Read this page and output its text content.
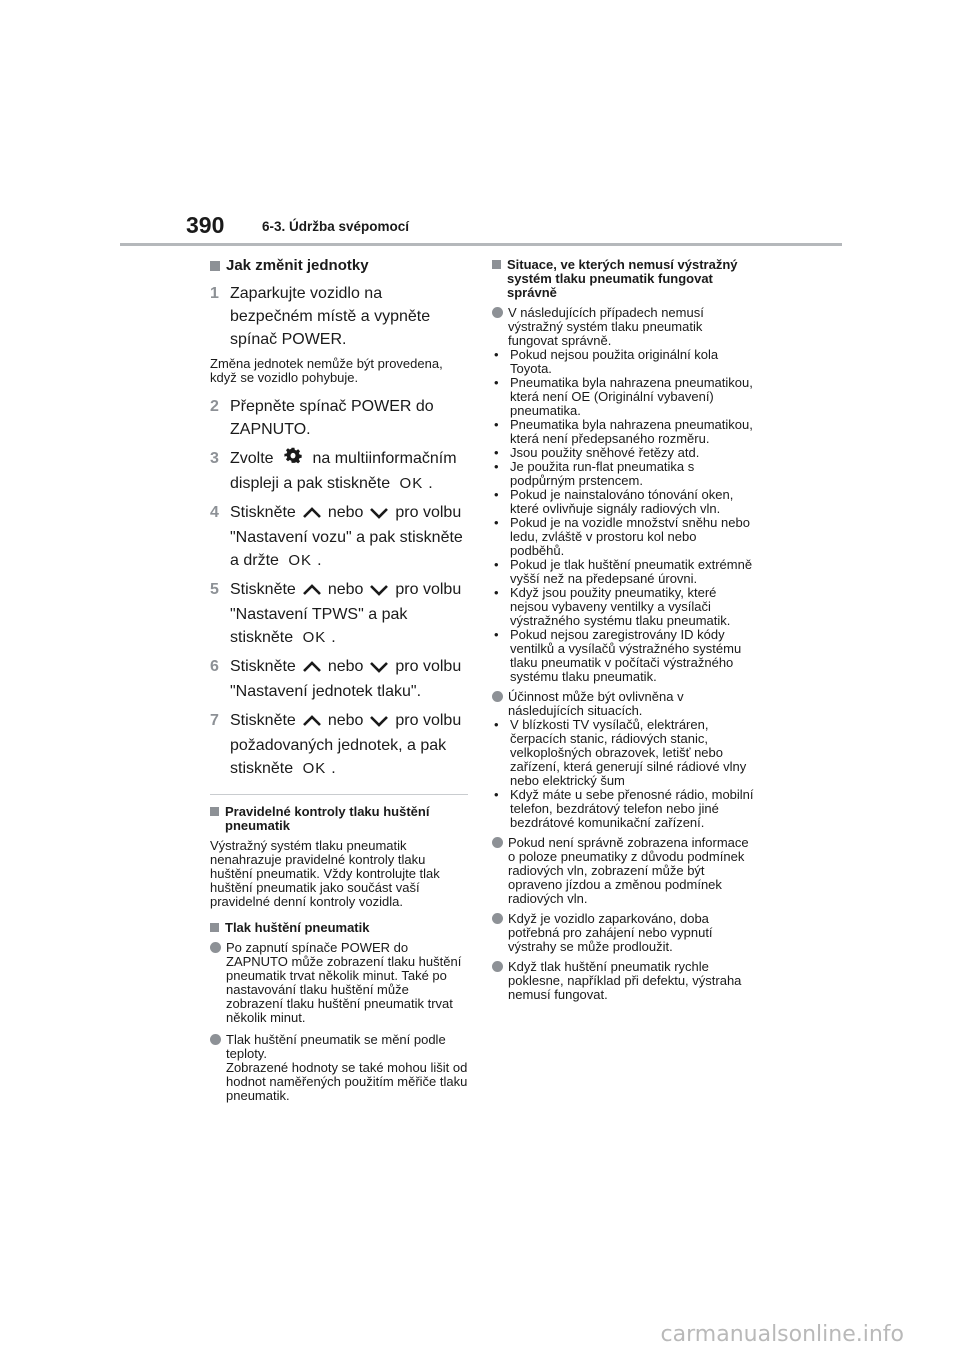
390	6-3. Údržba svépomocí
Jak změnit jednotky
1 Zaparkujte vozidlo na bezpečném místě a vypněte spínač POWER.
Změna jednotek nemůže být provedena, když se vozidlo pohybuje.
2 Přepněte spínač POWER do ZAPNUTO.
3 Zvolte na multiinformačním displeji a pak stiskněte OK .
4 Stiskněte nebo pro volbu "Nastavení vozu" a pak stiskněte a držte OK .
5 Stiskněte nebo pro volbu "Nastavení TPWS" a pak stiskněte OK .
6 Stiskněte nebo pro volbu "Nastavení jednotek tlaku".
7 Stiskněte nebo pro volbu požadovaných jednotek, a pak stiskněte OK .
Pravidelné kontroly tlaku huštění pneumatik
Výstražný systém tlaku pneumatik nenahrazuje pravidelné kontroly tlaku huštění pneumatik. Vždy kontrolujte tlak huštění pneumatik jako součást vaší pravidelné denní kontroly vozidla.
Tlak huštění pneumatik
Po zapnutí spínače POWER do ZAPNUTO může zobrazení tlaku huštění pneumatik trvat několik minut. Také po nastavování tlaku huštění může zobrazení tlaku huštění pneumatik trvat několik minut.
Tlak huštění pneumatik se mění podle teploty.
Zobrazené hodnoty se také mohou lišit od hodnot naměřených použitím měřiče tlaku pneumatik.
Situace, ve kterých nemusí výstražný systém tlaku pneumatik fungovat správně
V následujících případech nemusí výstražný systém tlaku pneumatik fungovat správně.
• Pokud nejsou použita originální kola Toyota.
• Pneumatika byla nahrazena pneumatikou, která není OE (Originální vybavení) pneumatika.
• Pneumatika byla nahrazena pneumatikou, která není předepsaného rozměru.
• Jsou použity sněhové řetězy atd.
• Je použita run-flat pneumatika s podpůrným prstencem.
• Pokud je nainstalováno tónování oken, které ovlivňuje signály radiových vln.
• Pokud je na vozidle množství sněhu nebo ledu, zvláště v prostoru kol nebo podběhů.
• Pokud je tlak huštění pneumatik extrémně vyšší než na předepsané úrovni.
• Když jsou použity pneumatiky, které nejsou vybaveny ventilky a vysílači výstražného systému tlaku pneumatik.
• Pokud nejsou zaregistrovány ID kódy ventilků a vysílačů výstražného systému tlaku pneumatik v počítači výstražného systému tlaku pneumatik.
Účinnost může být ovlivněna v následujících situacích.
• V blízkosti TV vysílačů, elektráren, čerpacích stanic, rádiových stanic, velkoplošných obrazovek, letišť nebo zařízení, která generují silné rádiové vlny nebo elektrický šum
• Když máte u sebe přenosné rádio, mobilní telefon, bezdrátový telefon nebo jiné bezdrátové komunikační zařízení.
Pokud není správně zobrazena informace o poloze pneumatiky z důvodu podmínek radiových vln, zobrazení může být opraveno jízdou a změnou podmínek radiových vln.
Když je vozidlo zaparkováno, doba potřebná pro zahájení nebo vypnutí výstrahy se může prodloužit.
Když tlak huštění pneumatik rychle poklesne, například při defektu, výstraha nemusí fungovat.
carmanualsonline.info
